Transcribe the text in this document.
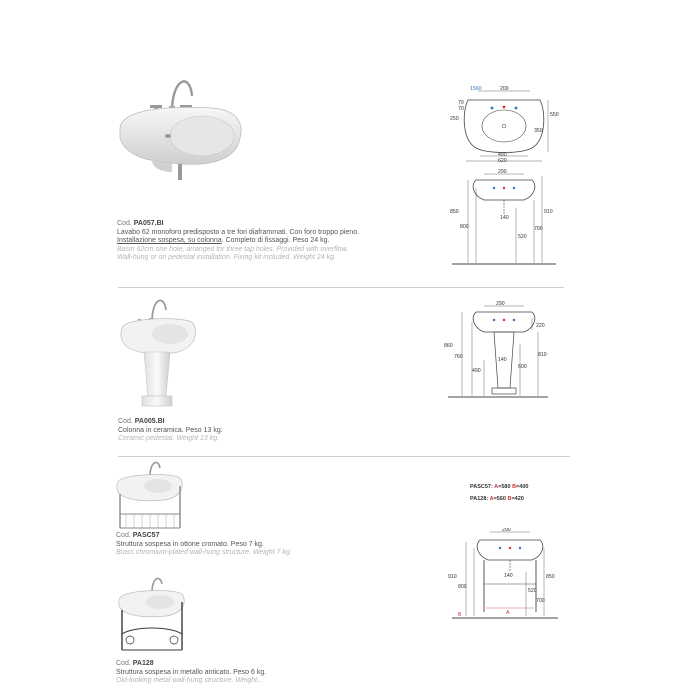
Cod. PA057.BI
Lavabo 62 monoforo predisposto a tre fori diaframmati. Con foro troppo pieno.
Installazione sospesa, su colonna. Completo di fissaggi. Peso 24 kg.
Basin 62cm one hole, arranged for three tap holes. Provided with overflow.
Wall-hung or on pedestal installation. Fixing kit included. Weight 24 kg.
200
1560
70
70
250
550
350
490
620
290
140
850
800
910
700
520
Cod. PA005.BI
Colonna in ceramica. Peso 13 kg.
Ceramic pedestal. Weight 13 kg.
290
220
140
860
760	810
600
490
Cod. PASC57
Struttura sospesa in ottone cromato. Peso 7 kg.
Brass chromium-plated wall-hung structure. Weight 7 kg.
PASC57: A=580 B=400
PA128: A=560 B=420
290
140
910
800
850
520
700
A
B
Cod. PA128
Struttura sospesa in metallo anticato. Peso 6 kg.
Old-looking metal wall-hung structure. Weight...
